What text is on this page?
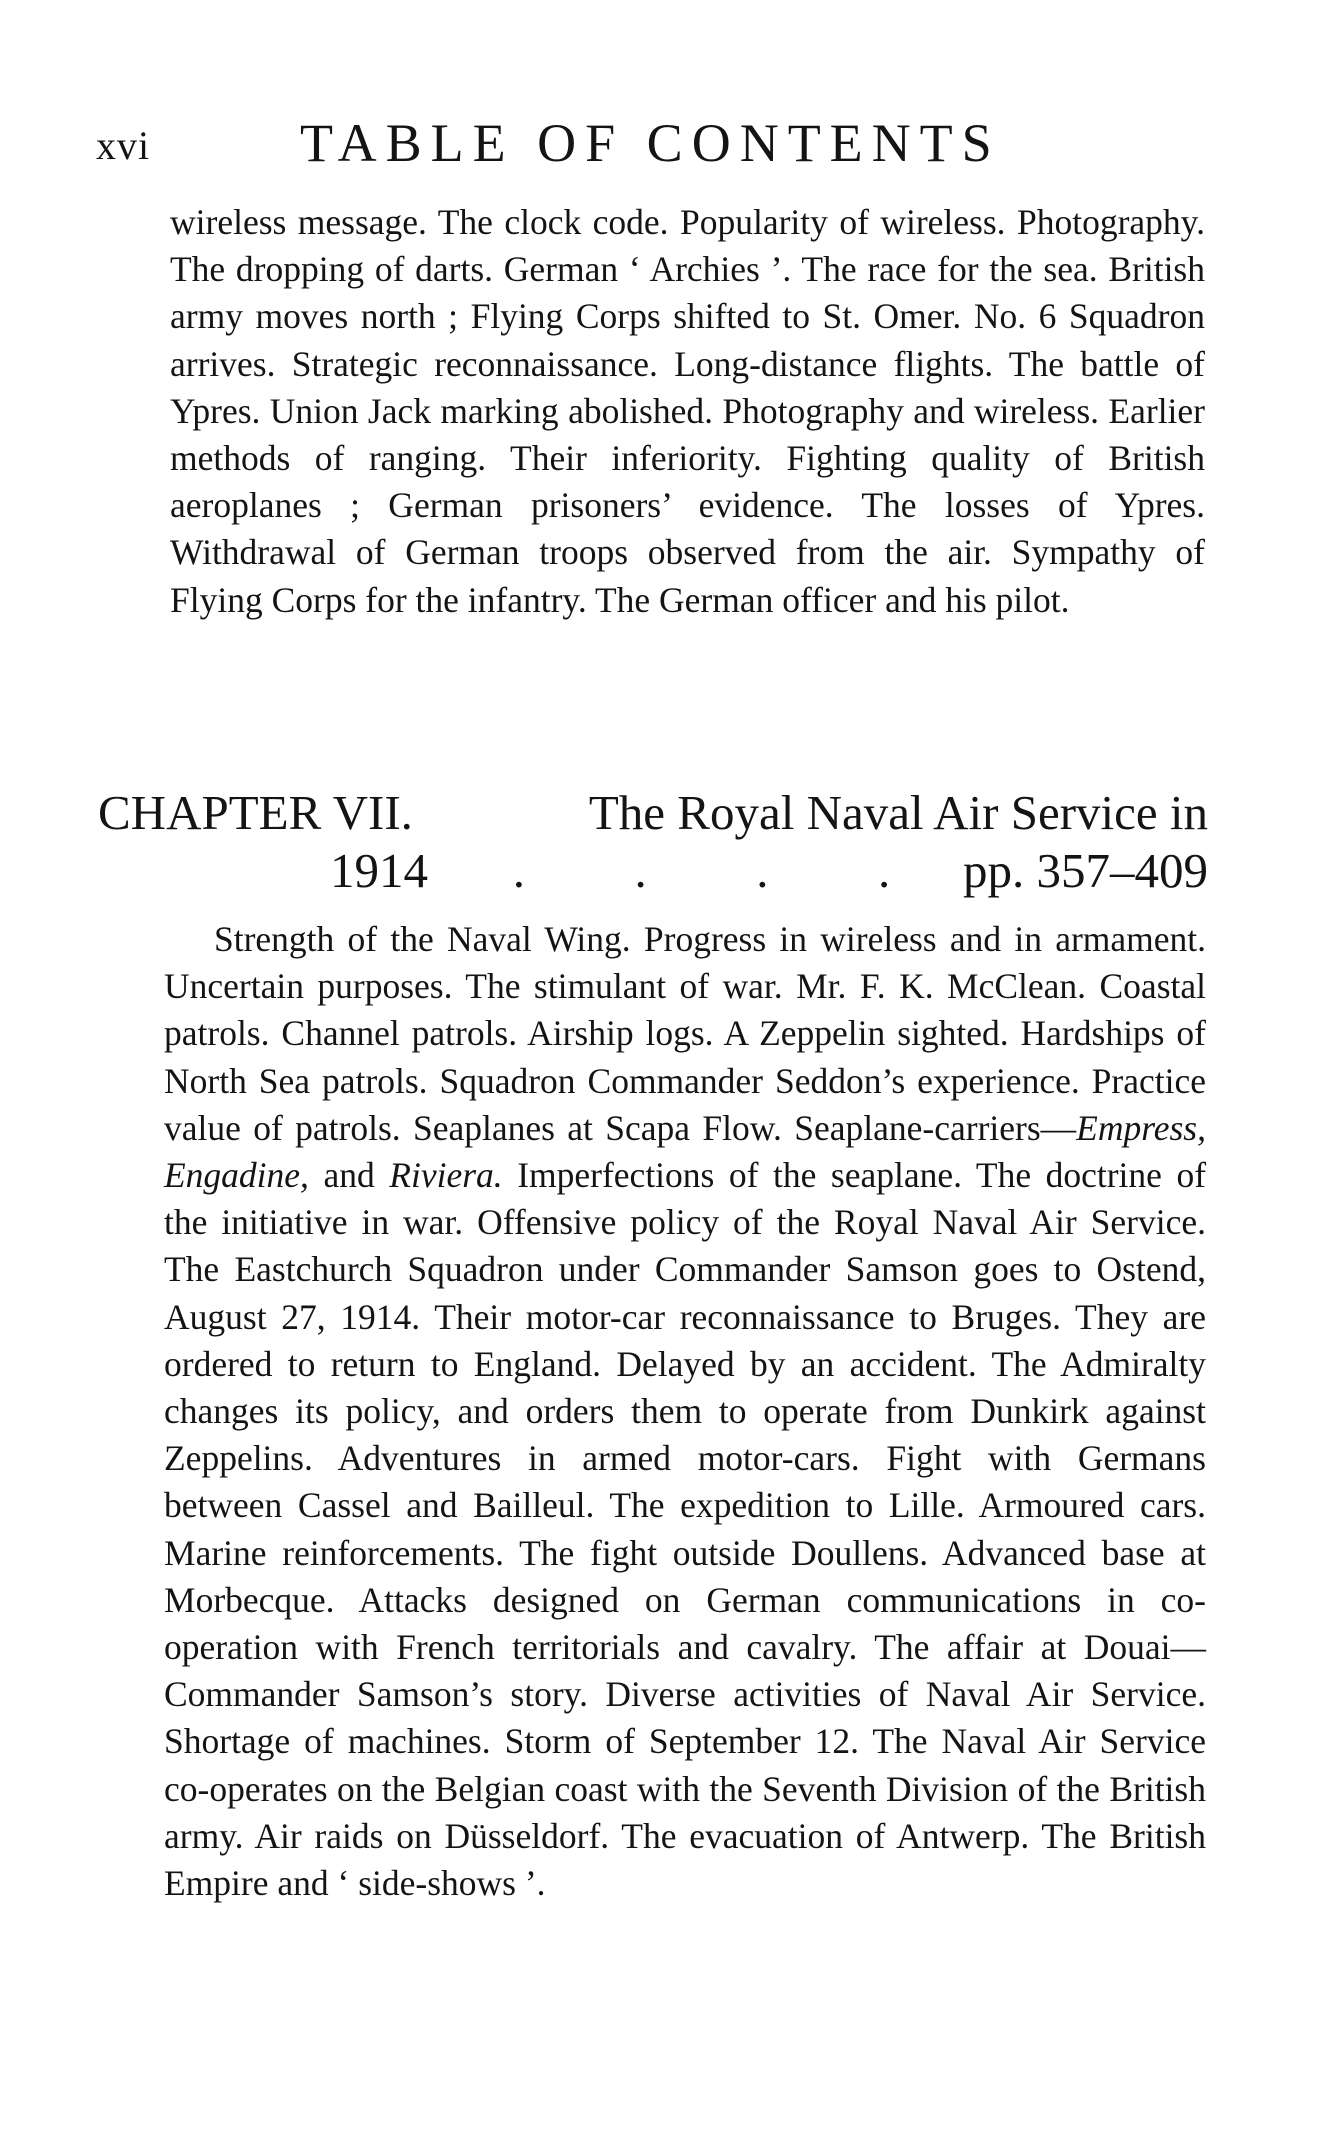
xvi	TABLE OF CONTENTS

wireless message. The clock code. Popularity of wireless. Photography. The dropping of darts. German ‘ Archies ’. The race for the sea. British army moves north ; Flying Corps shifted to St. Omer. No. 6 Squadron arrives. Strategic reconnaissance. Long-distance flights. The battle of Ypres. Union Jack marking abolished. Photography and wireless. Earlier methods of ranging. Their inferiority. Fighting quality of British aeroplanes ; German prisoners’ evidence. The losses of Ypres. Withdrawal of German troops observed from the air. Sympathy of Flying Corps for the infantry. The German officer and his pilot.

CHAPTER VII.	The Royal Naval Air Service in
1914 . . . . pp. 357–409

Strength of the Naval Wing. Progress in wireless and in armament. Uncertain purposes. The stimulant of war. Mr. F. K. McClean. Coastal patrols. Channel patrols. Airship logs. A Zeppelin sighted. Hardships of North Sea patrols. Squadron Commander Seddon’s experience. Practice value of patrols. Seaplanes at Scapa Flow. Seaplane-carriers—Empress, Engadine, and Riviera. Imperfections of the seaplane. The doctrine of the initiative in war. Offensive policy of the Royal Naval Air Service. The Eastchurch Squadron under Commander Samson goes to Ostend, August 27, 1914. Their motor-car reconnaissance to Bruges. They are ordered to return to England. Delayed by an accident. The Admiralty changes its policy, and orders them to operate from Dunkirk against Zeppelins. Adventures in armed motor-cars. Fight with Germans between Cassel and Bailleul. The expedition to Lille. Armoured cars. Marine reinforcements. The fight outside Doullens. Advanced base at Morbecque. Attacks designed on German communications in co-operation with French territorials and cavalry. The affair at Douai—Commander Samson’s story. Diverse activities of Naval Air Service. Shortage of machines. Storm of September 12. The Naval Air Service co-operates on the Belgian coast with the Seventh Division of the British army. Air raids on Düsseldorf. The evacuation of Antwerp. The British Empire and ‘ side-shows ’.
